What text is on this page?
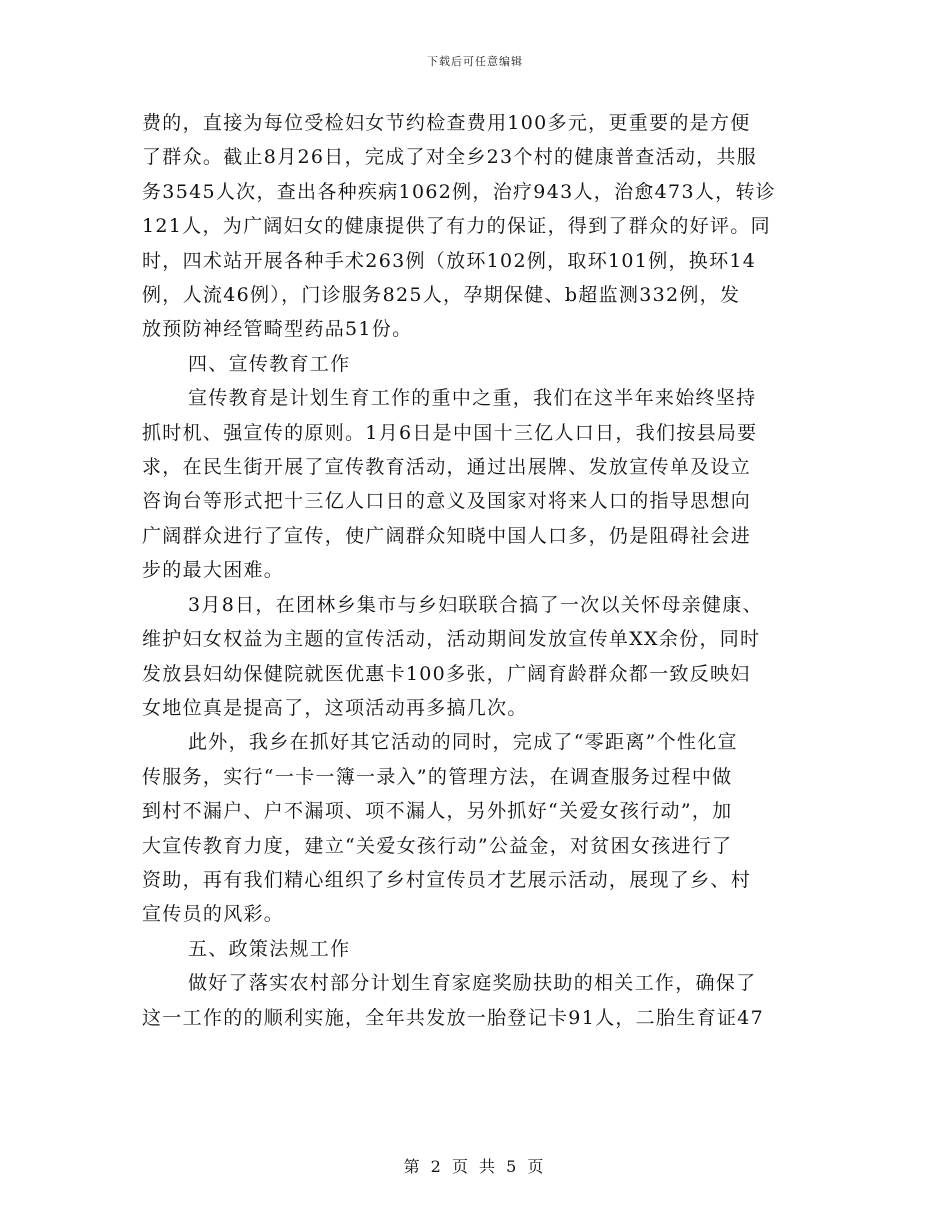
下载后可任意编辑
费的，直接为每位受检妇女节约检查费用100多元，更重要的是方便
了群众。截止8月26日，完成了对全乡23个村的健康普查活动，共服
务3545人次，查出各种疾病1062例，治疗943人，治愈473人，转诊
121人，为广阔妇女的健康提供了有力的保证，得到了群众的好评。同
时，四术站开展各种手术263例（放环102例，取环101例，换环14
例，人流46例），门诊服务825人，孕期保健、b超监测332例，发
放预防神经管畸型药品51份。
四、宣传教育工作
宣传教育是计划生育工作的重中之重，我们在这半年来始终坚持
抓时机、强宣传的原则。1月6日是中国十三亿人口日，我们按县局要
求，在民生街开展了宣传教育活动，通过出展牌、发放宣传单及设立
咨询台等形式把十三亿人口日的意义及国家对将来人口的指导思想向
广阔群众进行了宣传，使广阔群众知晓中国人口多，仍是阻碍社会进
步的最大困难。
3月8日，在团林乡集市与乡妇联联合搞了一次以关怀母亲健康、
维护妇女权益为主题的宣传活动，活动期间发放宣传单XX余份，同时
发放县妇幼保健院就医优惠卡100多张，广阔育龄群众都一致反映妇
女地位真是提高了，这项活动再多搞几次。
此外，我乡在抓好其它活动的同时，完成了“零距离”个性化宣
传服务，实行“一卡一簿一录入”的管理方法，在调查服务过程中做
到村不漏户、户不漏项、项不漏人，另外抓好“关爱女孩行动”，加
大宣传教育力度，建立“关爱女孩行动”公益金，对贫困女孩进行了
资助，再有我们精心组织了乡村宣传员才艺展示活动，展现了乡、村
宣传员的风彩。
五、政策法规工作
做好了落实农村部分计划生育家庭奖励扶助的相关工作，确保了
这一工作的的顺利实施，全年共发放一胎登记卡91人，二胎生育证47
第 2 页 共 5 页
